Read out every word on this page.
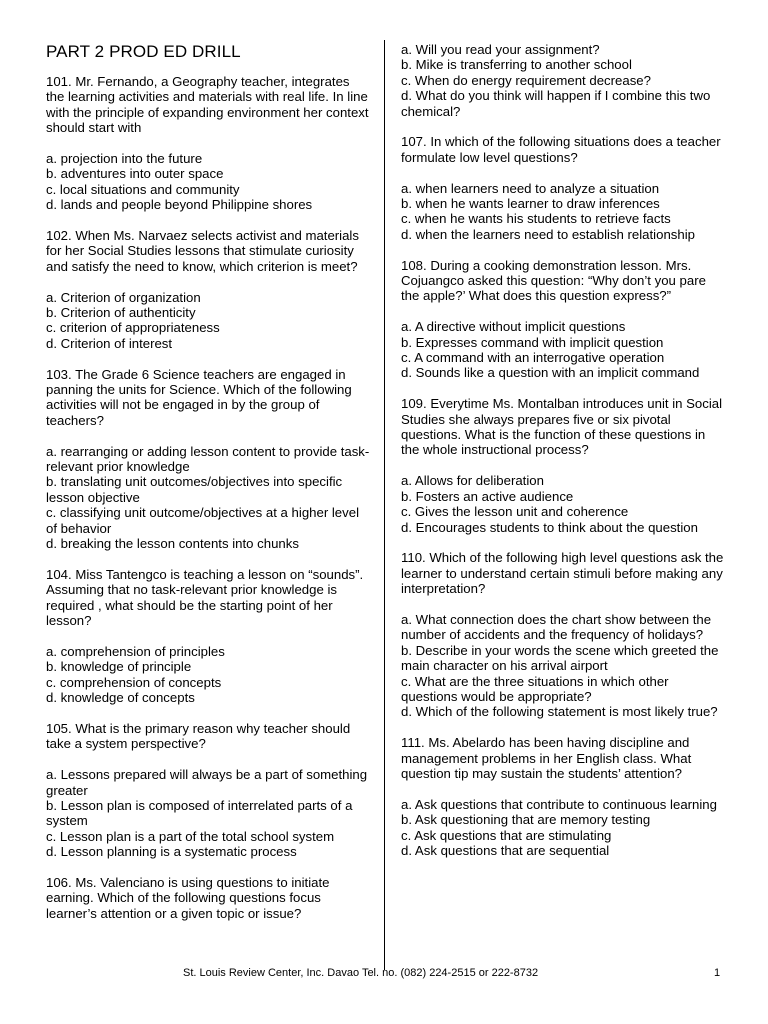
PART 2 PROD ED DRILL
101. Mr. Fernando, a Geography teacher, integrates the learning activities and materials with real life. In line with the principle of expanding environment her context should start with
a. projection into the future
b. adventures into outer space
c. local situations and community
d. lands and people beyond Philippine shores
102. When Ms. Narvaez selects activist and materials for her Social Studies lessons that stimulate curiosity and satisfy the need to know, which criterion is meet?
a. Criterion of organization
b. Criterion of authenticity
c. criterion of appropriateness
d. Criterion of interest
103. The Grade 6 Science teachers are engaged in panning the units for Science. Which of the following activities will not be engaged in by the group of teachers?
a. rearranging or adding lesson content to provide task-relevant prior knowledge
b. translating unit outcomes/objectives into specific lesson objective
c. classifying unit outcome/objectives at a higher level of behavior
d. breaking the lesson contents into chunks
104. Miss Tantengco is teaching a lesson on “sounds”. Assuming that no task-relevant prior knowledge is required , what should be the starting point of her lesson?
a. comprehension of principles
b. knowledge of principle
c. comprehension of concepts
d. knowledge of concepts
105. What is the primary reason why teacher should take a system perspective?
a. Lessons prepared will always be a part of something greater
b. Lesson plan is composed of interrelated parts of a system
c. Lesson plan is a part of the total school system
d. Lesson planning is a systematic process
106. Ms. Valenciano is using questions to initiate earning. Which of the following questions focus learner’s attention or a given topic or issue?
a. Will you read your assignment?
b. Mike is transferring to another school
c. When do energy requirement decrease?
d. What do you think will happen if I combine this two chemical?
107. In which of the following situations does a teacher formulate low level questions?
a. when learners need to analyze a situation
b. when he wants learner to draw inferences
c. when he wants his students to retrieve facts
d. when the learners need to establish relationship
108. During a cooking demonstration lesson. Mrs. Cojuangco asked this question: “Why don’t you pare the apple?’ What does this question express?”
a. A directive without implicit questions
b. Expresses command with implicit question
c. A command with an interrogative operation
d. Sounds like a question with an implicit command
109. Everytime Ms. Montalban introduces unit in Social Studies she always prepares five or six pivotal questions. What is the function of these questions in the whole instructional process?
a. Allows for deliberation
b. Fosters an active audience
c. Gives the lesson unit and coherence
d. Encourages students to think about the question
110. Which of the following high level questions ask the learner to understand certain stimuli before making any interpretation?
a. What connection does the chart show between the number of accidents and the frequency of holidays?
b. Describe in your words the scene which greeted the main character on his arrival airport
c. What are the three situations in which other questions would be appropriate?
d. Which of the following statement is most likely true?
111. Ms. Abelardo has been having discipline and management problems in her English class. What question tip may sustain the students’ attention?
a. Ask questions that contribute to continuous learning
b. Ask questioning that are memory testing
c. Ask questions that are stimulating
d. Ask questions that are sequential
St. Louis Review Center, Inc. Davao Tel. no. (082) 224-2515 or 222-8732	1
